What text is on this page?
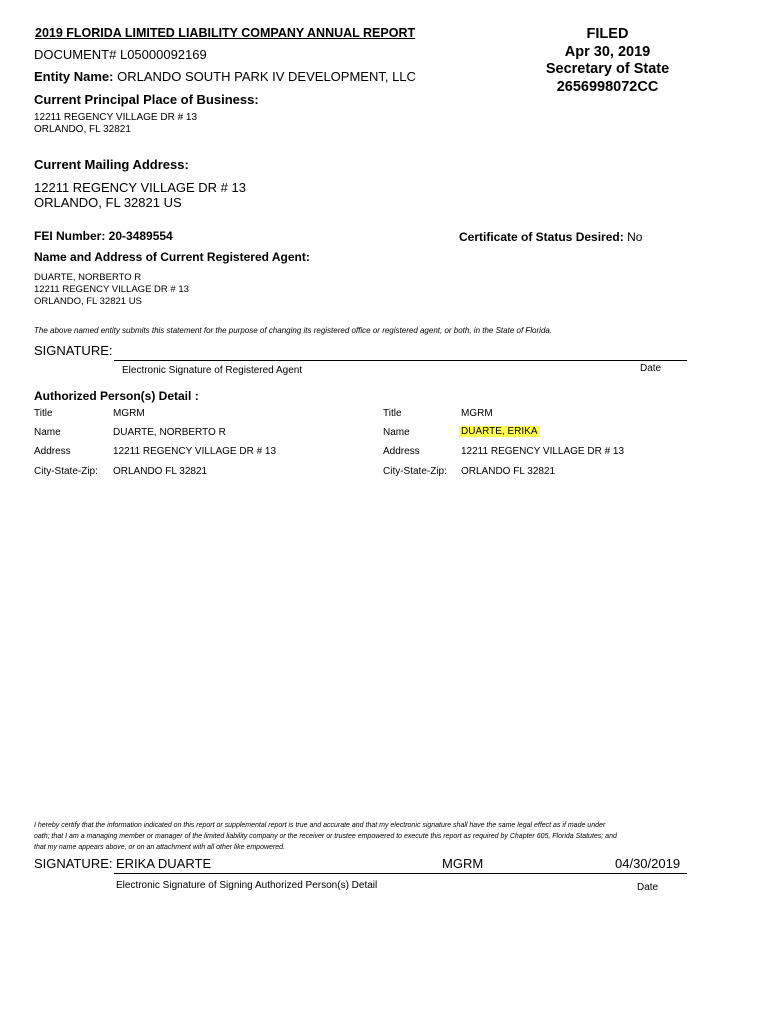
2019 FLORIDA LIMITED LIABILITY COMPANY ANNUAL REPORT
DOCUMENT# L05000092169
Entity Name: ORLANDO SOUTH PARK IV DEVELOPMENT, LLC
FILED
Apr 30, 2019
Secretary of State
2656998072CC
Current Principal Place of Business:
12211 REGENCY VILLAGE DR # 13
ORLANDO, FL 32821
Current Mailing Address:
12211 REGENCY VILLAGE DR # 13
ORLANDO, FL 32821 US
FEI Number: 20-3489554	Certificate of Status Desired: No
Name and Address of Current Registered Agent:
DUARTE, NORBERTO R
12211 REGENCY VILLAGE DR # 13
ORLANDO, FL 32821 US
The above named entity submits this statement for the purpose of changing its registered office or registered agent, or both, in the State of Florida.
SIGNATURE:
Electronic Signature of Registered Agent	Date
Authorized Person(s) Detail :
Title	MGRM
Name	DUARTE, NORBERTO R
Address	12211 REGENCY VILLAGE DR # 13
City-State-Zip: ORLANDO FL 32821
Title	MGRM
Name	DUARTE, ERIKA
Address	12211 REGENCY VILLAGE DR # 13
City-State-Zip: ORLANDO FL 32821
I hereby certify that the information indicated on this report or supplemental report is true and accurate and that my electronic signature shall have the same legal effect as if made under
oath; that I am a managing member or manager of the limited liability company or the receiver or trustee empowered to execute this report as required by Chapter 605, Florida Statutes; and
that my name appears above, or on an attachment with all other like empowered.
SIGNATURE: ERIKA DUARTE	MGRM	04/30/2019
Electronic Signature of Signing Authorized Person(s) Detail	Date
